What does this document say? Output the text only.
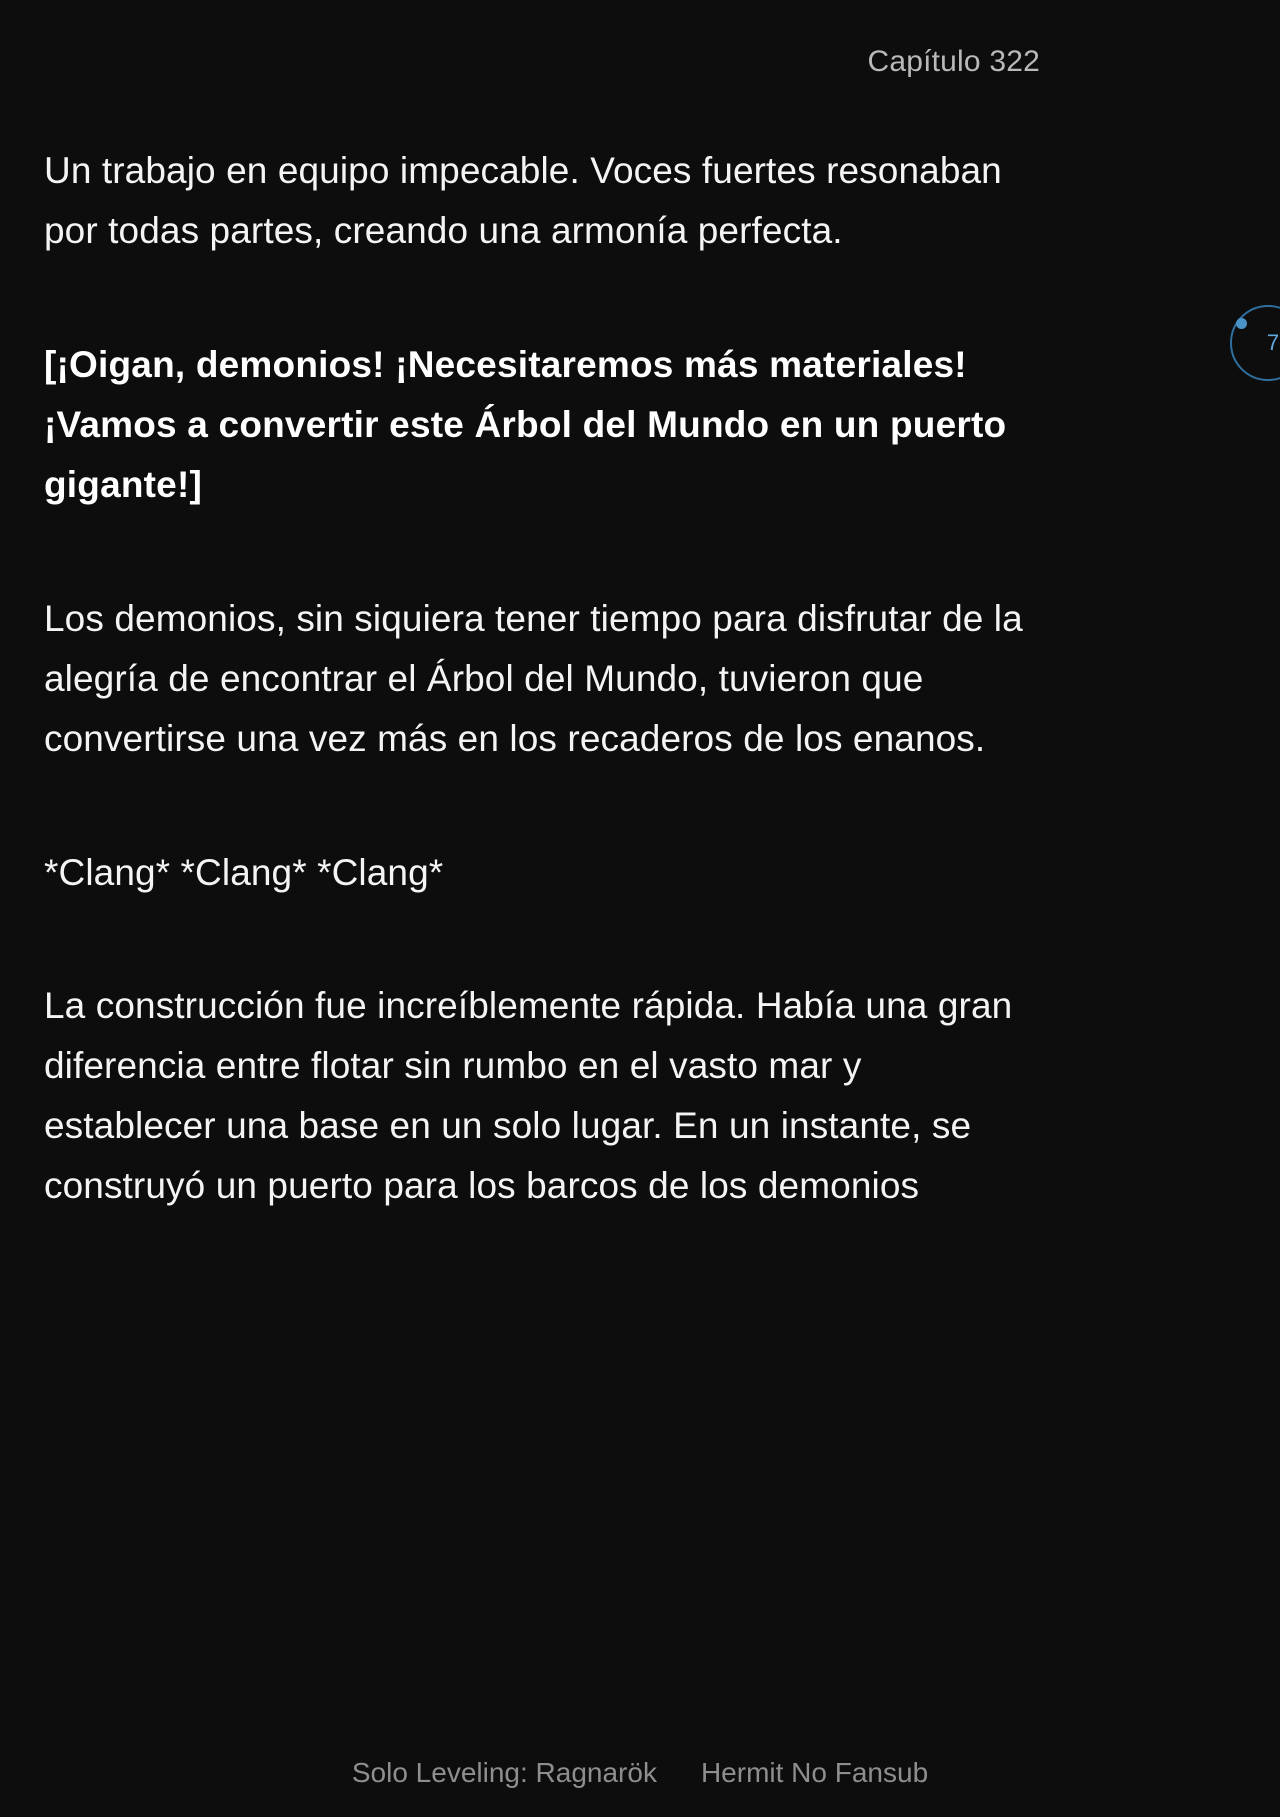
Capítulo 322

Un trabajo en equipo impecable. Voces fuertes resonaban por todas partes, creando una armonía perfecta.

[¡Oigan, demonios! ¡Necesitaremos más materiales! ¡Vamos a convertir este Árbol del Mundo en un puerto gigante!]

Los demonios, sin siquiera tener tiempo para disfrutar de la alegría de encontrar el Árbol del Mundo, tuvieron que convertirse una vez más en los recaderos de los enanos.

*Clang* *Clang* *Clang*

La construcción fue increíblemente rápida. Había una gran diferencia entre flotar sin rumbo en el vasto mar y establecer una base en un solo lugar. En un instante, se construyó un puerto para los barcos de los demonios

7
Solo Leveling: Ragnarök Hermit No Fansub
